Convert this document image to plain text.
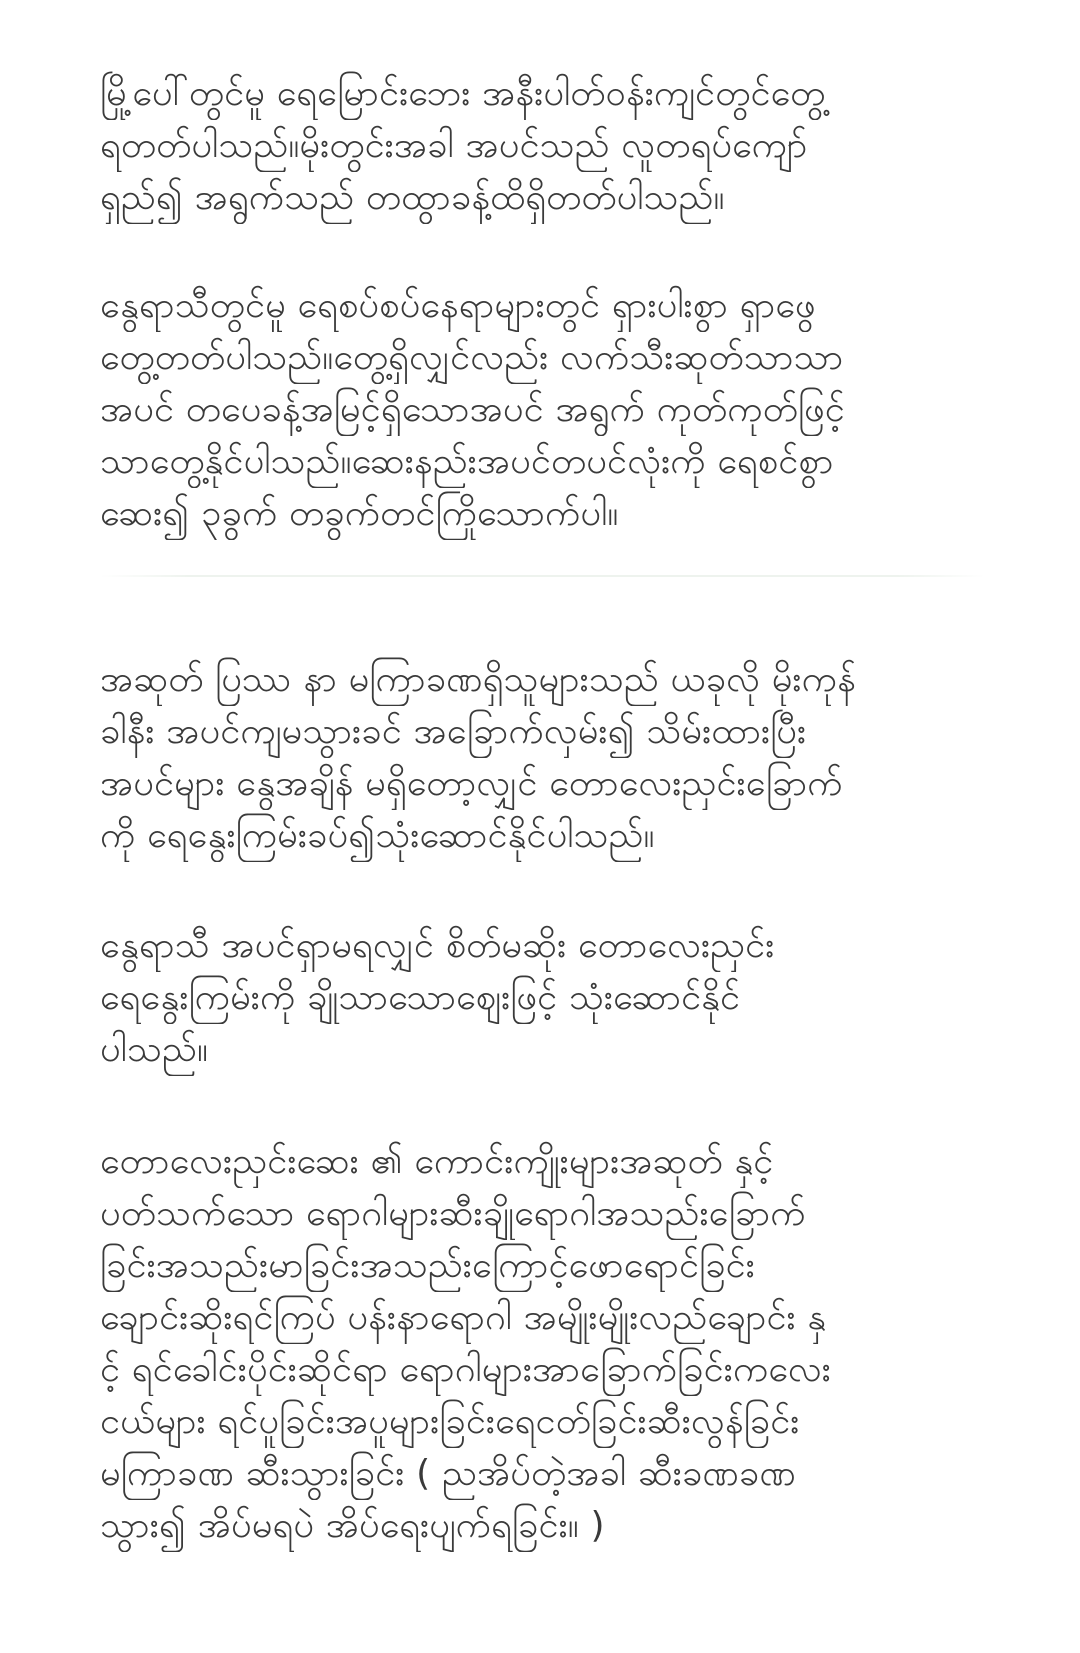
မြို့ပေါ်တွင်မူ ရေမြောင်းဘေး အနီးပါတ်ဝန်းကျင်တွင်တွေ့
ရတတ်ပါသည်။မိုးတွင်းအခါ အပင်သည် လူတရပ်ကျော်
ရှည်၍ အရွက်သည် တထွာခန့်ထိရှိတတ်ပါသည်။
နွေရာသီတွင်မူ ရေစပ်စပ်နေရာများတွင် ရှားပါးစွာ ရှာဖွေ
တွေ့တတ်ပါသည်။တွေ့ရှိလျှင်လည်း လက်သီးဆုတ်သာသာ
အပင် တပေခန့်အမြင့်ရှိသောအပင် အရွက် ကုတ်ကုတ်ဖြင့်
သာတွေ့နိုင်ပါသည်။ဆေးနည်းအပင်တပင်လုံးကို ရေစင်စွာ
ဆေး၍ ၃ခွက် တခွက်တင်ကြိုသောက်ပါ။
အဆုတ် ပြဿ နာ မကြာခဏရှိသူများသည် ယခုလို မိုးကုန်
ခါနီး အပင်ကျမသွားခင် အခြောက်လှမ်း၍ သိမ်းထားပြီး
အပင်များ နွေအချိန် မရှိတော့လျှင် တောလေးညှင်းခြောက်
ကို ရေနွေးကြမ်းခပ်၍သုံးဆောင်နိုင်ပါသည်။
နွေရာသီ အပင်ရှာမရလျှင် စိတ်မဆိုး တောလေးညှင်း
ရေနွေးကြမ်းကို ချိုသာသောဈေးဖြင့် သုံးဆောင်နိုင်
ပါသည်။
တောလေးညှင်းဆေး ၏ ကောင်းကျိုးများအဆုတ် နှင့်
ပတ်သက်သော ရောဂါများဆီးချိုရောဂါအသည်းခြောက်
ခြင်းအသည်းမာခြင်းအသည်းကြောင့်ဖောရောင်ခြင်း
ချောင်းဆိုးရင်ကြပ် ပန်းနာရောဂါ အမျိုးမျိုးလည်ချောင်း နှ
င့် ရင်ခေါင်းပိုင်းဆိုင်ရာ ရောဂါများအာခြောက်ခြင်းကလေး
ငယ်များ ရင်ပူခြင်းအပူများခြင်းရေငတ်ခြင်းဆီးလွန်ခြင်း
မကြာခဏ ဆီးသွားခြင်း ( ညအိပ်တဲ့အခါ ဆီးခဏခဏ
သွား၍ အိပ်မရပဲ အိပ်ရေးပျက်ရခြင်း။ )
